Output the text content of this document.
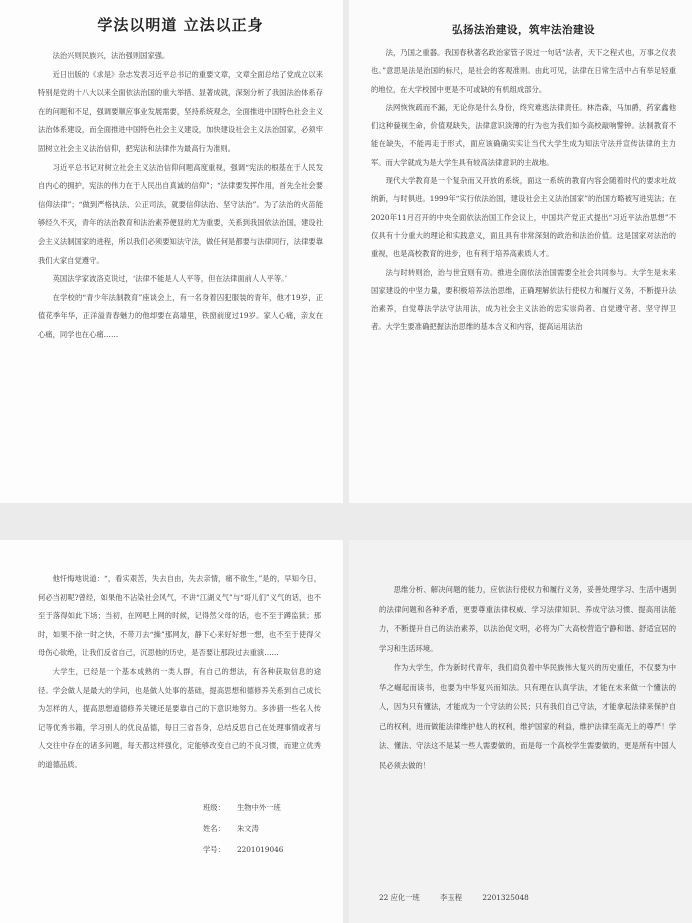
学法以明道 立法以正身

法治兴则民族兴，法治强则国家强。

近日出版的《求是》杂志发表习近平总书记的重要文章，文章全面总结了党成立以来特别是党的十八大以来全面依法治国的重大举措、显著成就，深刻分析了我国法治体系存在的问题和不足，强调要顺应事业发展需要，坚持系统观念，全面推进中国特色社会主义法治体系建设，而全面推进中国特色社会主义建设，加快建设社会主义法治国家，必须牢固树立社会主义法治信仰，把宪法和法律作为最高行为准则。

习近平总书记对树立社会主义法治信仰问题高度重视，强调“宪法的根基在于人民发自内心的拥护，宪法的伟力在于人民出自真诚的信仰”；“法律要发挥作用，首先全社会要信仰法律”；“做到严格执法、公正司法，就要信仰法治、坚守法治”。为了法治的火苗能够经久不灭，青年的法治教育和法治素养便显的尤为重要，关系到我国依法治国，建设社会主义法制国家的进程，所以我们必须要知法守法，做任何是都要与法律同行，法律要靠我们大家自觉遵守。

英国法学家波洛克说过，‘法律不能是人人平等，但在法律面前人人平等。’

在学校的“青少年法制教育”座谈会上，有一名身着囚犯服装的青年，他才19岁，正值花季年华，正洋溢青春魅力的他却要在高墙里，铁窗前度过19岁。家人心痛，亲友在心痛，同学也在心痛……

弘扬法治建设，筑牢法治建设

法，乃国之重器。我国春秋著名政治家管子说过一句话“法者，天下之程式也，万事之仪表也。”意思是法是治国的标尺，是社会的客观准则。由此可见，法律在日常生活中占有举足轻重的地位，在大学校园中更是不可或缺的有机组成部分。

法网恢恢疏而不漏，无论你是什么身份，终究难逃法律责任。林浩森，马加爵，药家鑫他们这种藐视生命，价值观缺失，法律意识淡薄的行为也为我们如今高校敲响警钟。法制教育不能在缺失，不能再走于形式，面应该确确实实让当代大学生成为知法守法并宣传法律的主力军。而大学就成为是大学生具有较高法律意识的主战地。

现代大学教育是一个复杂而又开放的系统，面这一系统的教育内容会随着时代的要求吐故纳新，与时俱进。1999年“实行依法治国，建设社会主义法治国家”的治国方略被写进宪法；在2020年11月召开的中央全面依法治国工作会议上，中国共产党正式提出“习近平法治思想”不仅具有十分重大的理论和实践意义，面且具有非常深刻的政治和法治价值。这是国家对法治的重视，也是高校教育的进步，也有利于培养高素质人才。

法与时转则治，治与世宜则有功。推进全面依法治国需要全社会共同参与。大学生是未来国家建设的中坚力量，要积极培养法治思维，正确理解依法行使权力和履行义务，不断提升法治素养，自觉尊法学法守法用法，成为社会主义法治的忠实崇尚者、自觉遵守者、坚守捍卫者。大学生要准确把握法治思维的基本含义和内容，提高运用法治

他忏悔地说道：“，看实艰苦，失去自由，失去亲情，痛不欲生，”是的，早知今日，何必当初呢?曾经，如果他不沾染社会风气，不讲“江湖义气”与“哥儿们”义气的话，也不至于落得如此下场；当初，在网吧上网的时候，记得然父母的话，也不至于蹲监狱；那时，如果不徐一时之快，不带刀去“操”那网友，静下心来好好想一想，也不至于使得父母伤心欲绝，让我们反省自己，沉思他的历史，是否要让那段过去重演……

大学生，已经是一个基本成熟的一类人群，有自己的想法，有各种获取信息的途径。学会做人是最大的学问，也是做人处事的基础，提高思想和德修养关系到自己成长为怎样的人，提高思想道德修养关键还是要靠自己的下意识地努力。多涉猎一些名人传记等优秀书籍，学习别人的优良品德，每日三省吾身，总结反思自己在处理事情或者与人交往中存在的诸多问题，每天都这样强化，定能够改变自己的不良习惯，而建立优秀的道德品质。

班级：	生物中外一班
姓名：	朱文涛
学号：	2201019046

思维分析、解决问题的能力，应依法行使权力和履行义务，妥善处理学习、生活中遇到的法律问题和各种矛盾，更要尊重法律权威、学习法律知识、养成守法习惯、提高用法能力，不断提升自己的法治素养，以法治促文明，必将为广大高校营造宁静和谐、舒适宜居的学习和生活环境。

作为大学生，作为新时代青年，我们肩负着中华民族伟大复兴的历史重任，不仅要为中华之崛起而读书，也要为中华复兴而知法。只有理在认真学法，才能在未来做一个懂法的人，因为只有懂法，才能成为一个守法的公民；只有我们自己守法，才能拿起法律来保护自己的权利，进而做能法律维护他人的权利，维护国家的利益，维护法律至高无上的尊严！学法、懂法、守法这不是某一些人需要做的，而是每一个高校学生需要做的，更是所有中国人民必须去做的！

22 应化一班	李玉程	2201325048
